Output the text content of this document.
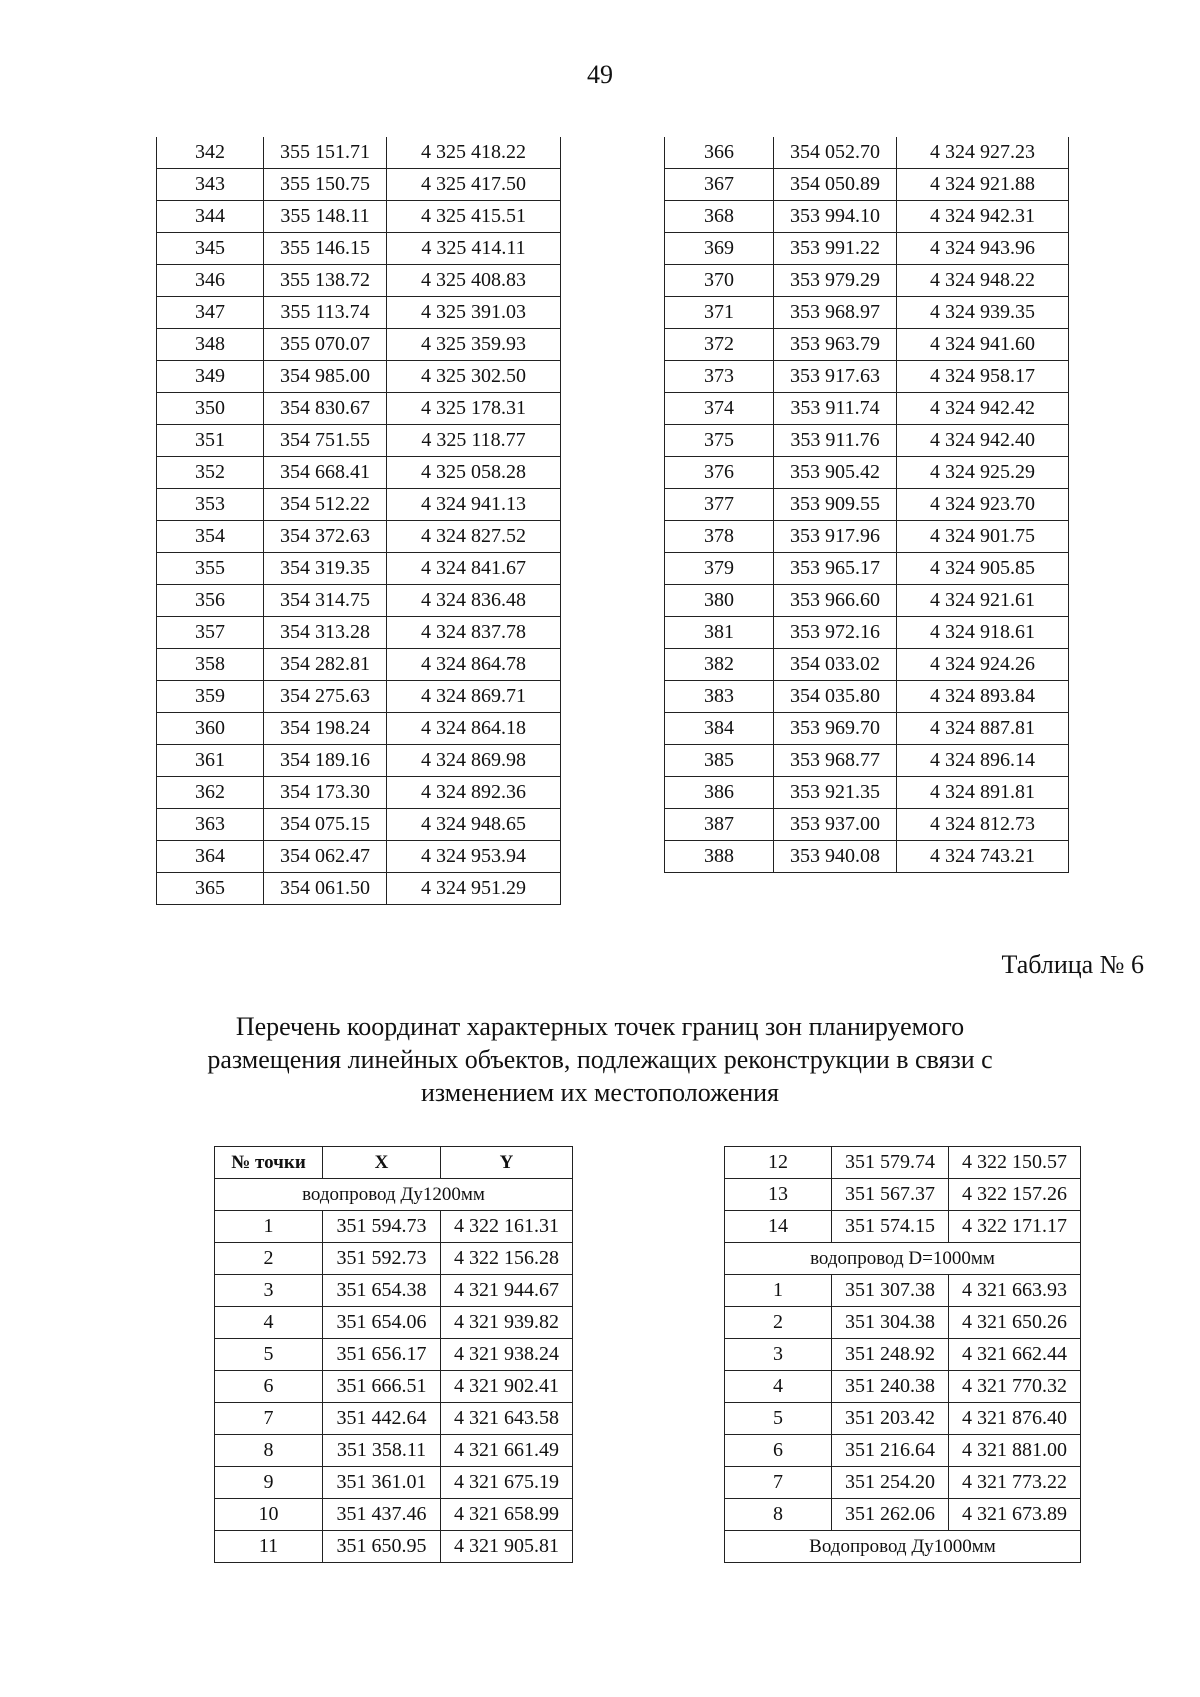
49
342	355 151.71	4 325 418.22
343	355 150.75	4 325 417.50
344	355 148.11	4 325 415.51
345	355 146.15	4 325 414.11
346	355 138.72	4 325 408.83
347	355 113.74	4 325 391.03
348	355 070.07	4 325 359.93
349	354 985.00	4 325 302.50
350	354 830.67	4 325 178.31
351	354 751.55	4 325 118.77
352	354 668.41	4 325 058.28
353	354 512.22	4 324 941.13
354	354 372.63	4 324 827.52
355	354 319.35	4 324 841.67
356	354 314.75	4 324 836.48
357	354 313.28	4 324 837.78
358	354 282.81	4 324 864.78
359	354 275.63	4 324 869.71
360	354 198.24	4 324 864.18
361	354 189.16	4 324 869.98
362	354 173.30	4 324 892.36
363	354 075.15	4 324 948.65
364	354 062.47	4 324 953.94
365	354 061.50	4 324 951.29
366	354 052.70	4 324 927.23
367	354 050.89	4 324 921.88
368	353 994.10	4 324 942.31
369	353 991.22	4 324 943.96
370	353 979.29	4 324 948.22
371	353 968.97	4 324 939.35
372	353 963.79	4 324 941.60
373	353 917.63	4 324 958.17
374	353 911.74	4 324 942.42
375	353 911.76	4 324 942.40
376	353 905.42	4 324 925.29
377	353 909.55	4 324 923.70
378	353 917.96	4 324 901.75
379	353 965.17	4 324 905.85
380	353 966.60	4 324 921.61
381	353 972.16	4 324 918.61
382	354 033.02	4 324 924.26
383	354 035.80	4 324 893.84
384	353 969.70	4 324 887.81
385	353 968.77	4 324 896.14
386	353 921.35	4 324 891.81
387	353 937.00	4 324 812.73
388	353 940.08	4 324 743.21
Таблица № 6
Перечень координат характерных точек границ зон планируемого
размещения линейных объектов, подлежащих реконструкции в связи с
изменением их местоположения
№ точки	X	Y
водопровод Ду1200мм		
1	351 594.73	4 322 161.31
2	351 592.73	4 322 156.28
3	351 654.38	4 321 944.67
4	351 654.06	4 321 939.82
5	351 656.17	4 321 938.24
6	351 666.51	4 321 902.41
7	351 442.64	4 321 643.58
8	351 358.11	4 321 661.49
9	351 361.01	4 321 675.19
10	351 437.46	4 321 658.99
11	351 650.95	4 321 905.81
12	351 579.74	4 322 150.57
13	351 567.37	4 322 157.26
14	351 574.15	4 322 171.17
водопровод D=1000мм		
1	351 307.38	4 321 663.93
2	351 304.38	4 321 650.26
3	351 248.92	4 321 662.44
4	351 240.38	4 321 770.32
5	351 203.42	4 321 876.40
6	351 216.64	4 321 881.00
7	351 254.20	4 321 773.22
8	351 262.06	4 321 673.89
Водопровод Ду1000мм		
